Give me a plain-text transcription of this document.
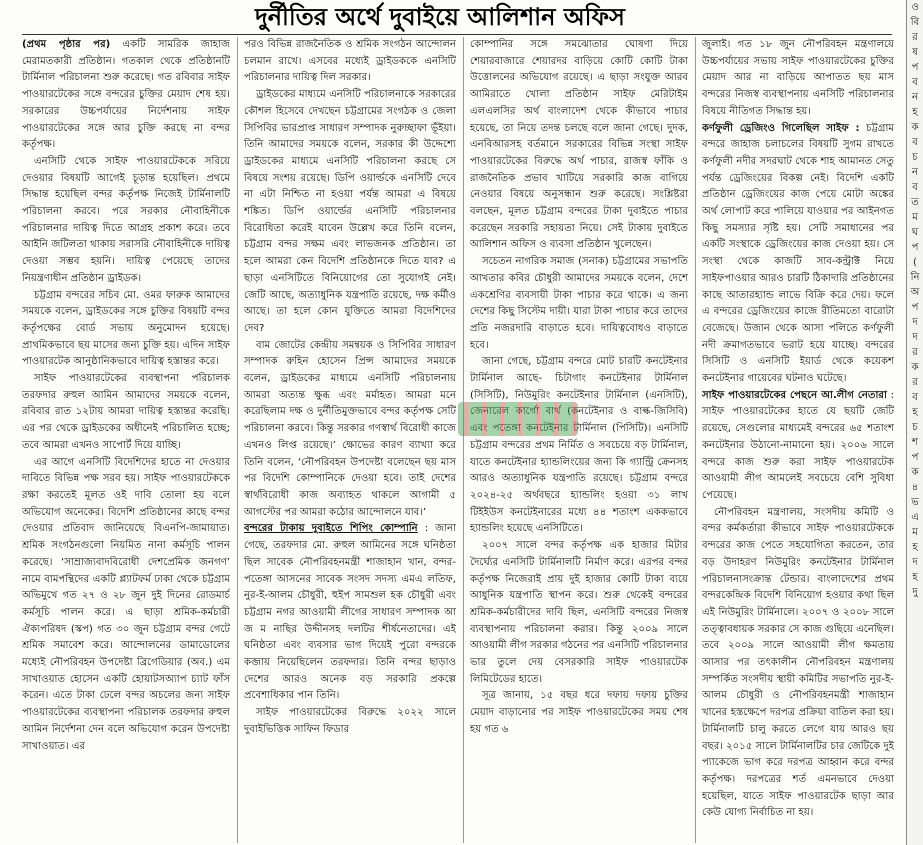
দুর্নীতির অর্থে দুবাইয়ে আলিশান অফিস

(প্রথম পৃষ্ঠার পর) একটি সামরিক জাহাজ মেরামতকারী প্রতিষ্ঠান। গতকাল থেকে প্রতিষ্ঠানটি টার্মিনাল পরিচালনা শুরু করেছে। গত রবিবার সাইফ পাওয়ারটেকের সঙ্গে বন্দরের চুক্তির মেয়াদ শেষ হয়। সরকারের উচ্চপর্যায়ের নির্দেশনায় সাইফ পাওয়ারটেকের সঙ্গে আর চুক্তি করছে না বন্দর কর্তৃপক্ষ।

এনসিটি থেকে সাইফ পাওয়ারটেককে সরিয়ে দেওয়ার বিষয়টি আগেই চূড়ান্ত হয়েছিল। প্রথমে সিদ্ধান্ত হয়েছিল বন্দর কর্তৃপক্ষ নিজেই টার্মিনালটি পরিচালনা করবে। পরে সরকার নৌবাহিনীকে পরিচালনার দায়িত্ব দিতে আগ্রহ প্রকাশ করে। তবে আইনি জটিলতা থাকায় সরাসরি নৌবাহিনীকে দায়িত্ব দেওয়া সম্ভব হয়নি। দায়িত্ব পেয়েছে তাদের নিয়ন্ত্রণাধীন প্রতিষ্ঠান ড্রাইডক।

চট্টগ্রাম বন্দরের সচিব মো. ওমর ফারুক আমাদের সময়কে বলেন, ড্রাইডকের সঙ্গে চুক্তির বিষয়টি বন্দর কর্তৃপক্ষের বোর্ড সভায় অনুমোদন হয়েছে। প্রাথমিকভাবে ছয় মাসের জন্য চুক্তি হয়। এদিন সাইফ পাওয়ারটেক আনুষ্ঠানিকভাবে দায়িত্ব হস্তান্তর করে।

সাইফ পাওয়ারটেকের ব্যবস্থাপনা পরিচালক তরফদার রুহুল আমিন আমাদের সময়কে বলেন, রবিবার রাত ১২টায় আমরা দায়িত্ব হস্তান্তর করেছি। এর পর থেকে ড্রাইডকের অধীনেই পরিচালিত হচ্ছে; তবে আমরা এখনও সাপোর্ট দিয়ে যাচ্ছি।

এর আগে এনসিটি বিদেশিদের হাতে না দেওয়ার দাবিতে বিভিন্ন পক্ষ সরব হয়। সাইফ পাওয়ারটেককে রক্ষা করতেই মূলত ওই দাবি তোলা হয় বলে অভিযোগ অনেকের। বিদেশি প্রতিষ্ঠানের কাছে বন্দর দেওয়ার প্রতিবাদ জানিয়েছে বিএনপি-জামায়াত। শ্রমিক সংগঠনগুলো নিয়মিত নানা কর্মসূচি পালন করেছে। ‘সাম্রাজ্যবাদবিরোধী দেশপ্রেমিক জনগণ’ নামে বামপন্থিদের একটি প্ল্যাটফর্ম ঢাকা থেকে চট্টগ্রাম অভিমুখে গত ২৭ ও ২৮ জুন দুই দিনের রোডমার্চ কর্মসূচি পালন করে। এ ছাড়া শ্রমিক-কর্মচারী ঐক্যপরিষদ (স্কপ) গত ৩০ জুন চট্টগ্রাম বন্দর গেটে শ্রমিক সমাবেশ করে। আন্দোলনের ডামাডোলের মধ্যেই নৌপরিবহন উপদেষ্টা ব্রিগেডিয়ার (অব.) এম সাখাওয়াত হোসেন একটি হোয়াটসঅ্যাপ চ্যাট ফাঁস করেন। এতে টাকা ঢেলে বন্দর অচলের জন্য সাইফ পাওয়ারটেকের ব্যবস্থাপনা পরিচালক তরফদার রুহুল আমিন নির্দেশনা দেন বলে অভিযোগ করেন উপদেষ্টা সাখাওয়াত। এর

পরও বিভিন্ন রাজনৈতিক ও শ্রমিক সংগঠন আন্দোলন চলমান রাখে। এসবের মধ্যেই ড্রাইডককে এনসিটি পরিচালনার দায়িত্ব দিল সরকার।

ড্রাইডকের মাধ্যমে এনসিটি পরিচালনাকে সরকারের কৌশল হিসেবে দেখছেন চট্টগ্রামের সংগঠক ও জেলা সিপিবির ভারপ্রাপ্ত সাধারণ সম্পাদক নুরুচ্ছাফা ভূঁইয়া। তিনি আমাদের সময়কে বলেন, সরকার কী উদ্দেশ্যে ড্রাইডকের মাধ্যমে এনসিটি পরিচালনা করছে সে বিষয়ে সংশয় রয়েছে। ডিপি ওয়ার্ল্ডকে এনসিটি দেবে না এটা নিশ্চিত না হওয়া পর্যন্ত আমরা এ বিষয়ে শঙ্কিত। ডিপি ওয়ার্ল্ডের এনসিটি পরিচালনার বিরোধিতা করেই যাবেন উল্লেখ করে তিনি বলেন, চট্টগ্রাম বন্দর সক্ষম এবং লাভজনক প্রতিষ্ঠান। তা হলে আমরা কেন বিদেশি প্রতিষ্ঠানকে দিতে যাব? এ ছাড়া এনসিটিতে বিনিয়োগের তো সুযোগই নেই। জেটি আছে, অত্যাধুনিক যন্ত্রপাতি রয়েছে, দক্ষ কর্মীও আছে। তা হলে কোন যুক্তিতে আমরা বিদেশিদের দেব?

বাম জোটের কেন্দ্রীয় সমন্বয়ক ও সিপিবির সাধারণ সম্পাদক রুহিন হোসেন প্রিন্স আমাদের সময়কে বলেন, ড্রাইডকের মাধ্যমে এনসিটি পরিচালনায় আমরা অত্যন্ত ক্ষুব্ধ এবং মর্মাহত। আমরা মনে করেছিলাম দক্ষ ও দুর্নীতিমুক্তভাবে বন্দর কর্তৃপক্ষ সেটি পরিচালনা করবে। কিন্তু সরকার গণস্বার্থ বিরোধী কাজে এখনও লিপ্ত রয়েছে।’ ক্ষোভের কারণ ব্যাখ্যা করে তিনি বলেন, ‘নৌপরিবহন উপদেষ্টা বলেছেন ছয় মাস পর বিদেশি কোম্পানিকে দেওয়া হবে। তাই দেশের স্বার্থবিরোধী কাজ অব্যাহত থাকলে আগামী ৫ আগস্টের পর আমরা কঠোর আন্দোলনে যাব।’

বন্দরের টাকায় দুবাইতে শিপিং কোম্পানি : জানা গেছে, তরফদার মো. রুহুল আমিনের সঙ্গে ঘনিষ্ঠতা ছিল সাবেক নৌপরিবহনমন্ত্রী শাজাহান খান, বন্দর-পতেঙ্গা আসনের সাবেক সংসদ সদস্য এমএ লতিফ, নুর-ই-আলম চৌধুরী, হুইপ সামশুল হক চৌধুরী এবং চট্টগ্রাম নগর আওয়ামী লীগের সাধারণ সম্পাদক আ জ ম নাছির উদ্দীনসহ দলটির শীর্ষনেতাদের। এই ঘনিষ্ঠতা এবং ব্যবসার ভাগ দিয়েই পুরো বন্দরকে কব্জায় নিয়েছিলেন তরফদার। তিনি বন্দর ছাড়াও দেশের আরও অনেক বড় সরকারি প্রকল্পে প্রবেশাধিকার পান তিনি।

সাইফ পাওয়ারটেকের বিরুদ্ধে ২০২২ সালে দুবাইভিত্তিক সাফিন ফিডার

কোম্পানির সঙ্গে সমঝোতার ঘোষণা দিয়ে শেয়ারবাজারে শেয়ারদর বাড়িয়ে কোটি কোটি টাকা উত্তোলনের অভিযোগ রয়েছে। এ ছাড়া সংযুক্ত আরব আমিরাতে খোলা প্রতিষ্ঠান সাইফ মেরিটাইম এলএলসির অর্থ বাংলাদেশ থেকে কীভাবে পাচার হয়েছে, তা নিয়ে তদন্ত চলছে বলে জানা গেছে। দুদক, এনবিআরসহ বর্তমানে সরকারের বিভিন্ন সংস্থা সাইফ পাওয়ারটেকের বিরুদ্ধে অর্থ পাচার, রাজস্ব ফাঁকি ও রাজনৈতিক প্রভাব খাটিয়ে সরকারি কাজ বাগিয়ে নেওয়ার বিষয়ে অনুসন্ধান শুরু করেছে। সংশ্লিষ্টরা বলছেন, মূলত চট্টগ্রাম বন্দরের টাকা দুবাইতে পাচার করেছেন সরকারি সহায়তা নিয়ে। সেই টাকায় দুবাইতে আলিশান অফিস ও ব্যবসা প্রতিষ্ঠান খুলেছেন।

সচেতন নাগরিক সমাজ (সনাক) চট্টগ্রামের সভাপতি আখতার কবির চৌধুরী আমাদের সময়কে বলেন, দেশে একশ্রেণির ব্যবসায়ী টাকা পাচার করে থাকে। এ জন্য দেশের কিছু সিস্টেম দায়ী। যারা টাকা পাচার করে তাদের প্রতি নজরদারি বাড়াতে হবে। দায়িত্ববোধও বাড়াতে হবে।

জানা গেছে, চট্টগ্রাম বন্দরে মোট চারটি কনটেইনার টার্মিনাল আছে- চিটাগাং কনটেইনার টার্মিনাল (সিসিটি), নিউমুরিং কনটেইনার টার্মিনাল (এনসিটি), জেনারেল কার্গো বার্থ (কনটেইনার ও বাল্ক-জিসিবি) এবং পতেঙ্গা কনটেইনার টার্মিনাল (পিসিটি)। এনসিটি চট্টগ্রাম বন্দরের প্রথম নির্মিত ও সবচেয়ে বড় টার্মিনাল, যাতে কনটেইনার হ্যান্ডলিংয়ের জন্য কি গ্যান্ট্রি ক্রেনসহ আরও অত্যাধুনিক যন্ত্রপাতি রয়েছে। চট্টগ্রাম বন্দরে ২০২৪-২৫ অর্থবছরে হ্যান্ডলিং হওয়া ৩১ লাখ টিইইউস কনটেইনারের মধ্যে ৪৪ শতাংশ এককভাবে হ্যান্ডলিং হয়েছে এনসিটিতে।

২০০৭ সালে বন্দর কর্তৃপক্ষ এক হাজার মিটার দৈর্ঘ্যের এনসিটি টার্মিনালটি নির্মাণ করে। এরপর বন্দর কর্তৃপক্ষ নিজেরাই প্রায় দুই হাজার কোটি টাকা ব্যয়ে আধুনিক যন্ত্রপাতি স্থাপন করে। শুরু থেকেই বন্দরের শ্রমিক-কর্মচারীদের দাবি ছিল, এনসিটি বন্দরের নিজস্ব ব্যবস্থাপনায় পরিচালনা করার। কিন্তু ২০০৯ সালে আওয়ামী লীগ সরকার গঠনের পর এনসিটি পরিচালনার ভার তুলে দেয় বেসরকারি সাইফ পাওয়ারটেক লিমিটেডের হাতে।

সূত্র জানায়, ১৫ বছর ধরে দফায় দফায় চুক্তির মেয়াদ বাড়ানোর পর সাইফ পাওয়ারটেকের সময় শেষ হয় গত ৬

জুলাই। গত ১৮ জুন নৌপরিবহন মন্ত্রণালয়ে উচ্চপর্যায়ের সভায় সাইফ পাওয়ারটেকের চুক্তির মেয়াদ আর না বাড়িয়ে আপাতত ছয় মাস বন্দরের নিজস্ব ব্যবস্থাপনায় এনসিটি পরিচালনার বিষয়ে নীতিগত সিদ্ধান্ত হয়।

কর্ণফুলী ড্রেজিংও গিলেছিল সাইফ : চট্টগ্রাম বন্দরে জাহাজ চলাচলের বিষয়টি সুগম রাখতে কর্ণফুলী নদীর সদরঘাট থেকে শাহ আমানত সেতু পর্যন্ত ড্রেজিংয়ের বিকল্প নেই। বিদেশি একটি প্রতিষ্ঠান ড্রেজিংয়ের কাজ পেয়ে মোটা অঙ্কের অর্থ লোপাট করে পালিয়ে যাওয়ার পর আইনগত কিছু সমস্যার সৃষ্টি হয়। সেটি সমাধানের পর একটি সংস্থাকে ড্রেজিংয়ের কাজ দেওয়া হয়। সে সংস্থা থেকে কাজটি সাব-কন্ট্রাক্ট নিয়ে সাইফপাওয়ার আরও চারটি ঠিকাদারি প্রতিষ্ঠানের কাছে আতারহ্যান্ড লাভে বিক্রি করে দেয়। ফলে এ বন্দরের ড্রেজিংয়ের কাজে রীতিমতো বারোটা বেজেছে। উজান থেকে আসা পলিতে কর্ণফুলী নদী ক্রমাগতভাবে ভরাট হয়ে যাচ্ছে। বন্দরের সিসিটি ও এনসিটি ইয়ার্ড থেকে কয়েকশ কনটেইনার গায়েবের ঘটনাও ঘটেছে।

সাইফ পাওয়ারটেকের পেছনে আ.লীগ নেতারা : সাইফ পাওয়ারটেকের হাতে যে ছয়টি জেটি রয়েছে, সেগুলোর মাধ্যমেই বন্দরের ৬৫ শতাংশ কনটেইনার উঠানো-নামানো হয়। ২০০৬ সালে বন্দরে কাজ শুরু করা সাইফ পাওয়ারটেক আওয়ামী লীগ আমলেই সবচেয়ে বেশি সুবিধা পেয়েছে।

নৌপরিবহন মন্ত্রণালয়, সংসদীয় কমিটি ও বন্দর কর্মকর্তারা কীভাবে সাইফ পাওয়ারটেককে বন্দরের কাজ পেতে সহযোগিতা করতেন, তার বড় উদাহরণ নিউমুরিং কনটেইনার টার্মিনাল পরিচালনাসংক্রান্ত টেন্ডার। বাংলাদেশের প্রথম বন্দরকেন্দ্রিক বিদেশি বিনিয়োগ হওয়ার কথা ছিল এই নিউমুরিং টার্মিনালে। ২০০৭ ও ২০০৮ সালে তত্ত্বাবধায়ক সরকার সে কাজ গুছিয়ে এনেছিল। তবে ২০০৯ সালে আওয়ামী লীগ ক্ষমতায় আসার পর তৎকালীন নৌপরিবহন মন্ত্রণালয় সম্পর্কিত সংসদীয় স্থায়ী কমিটির সভাপতি নুর-ই-আলম চৌধুরী ও নৌপরিবহনমন্ত্রী শাজাহান খানের হস্তক্ষেপে দরপত্র প্রক্রিয়া বাতিল করা হয়। টার্মিনালটি চালু করতে লেগে যায় আরও ছয় বছর। ২০১৫ সালে টার্মিনালটির চার জেটিকে দুই প্যাকেজে ভাগ করে দরপত্র আহ্বান করে বন্দর কর্তৃপক্ষ। দরপত্রের শর্ত এমনভাবে দেওয়া হয়েছিল, যাতে সাইফ পাওয়ারটেক ছাড়া আর কেউ যোগ্য নির্বাচিত না হয়।

ও
বি
র
ষ
প
ব
ন
হ
ক
ব
চ
ন
ব
ত
ম
ঘ
প
(
নি
অ
প
দ
দ
র
ক
র
ব
হ
চ
শ
প
ক
৪
ভ
এ
ম
হ
দ
হ
দু
